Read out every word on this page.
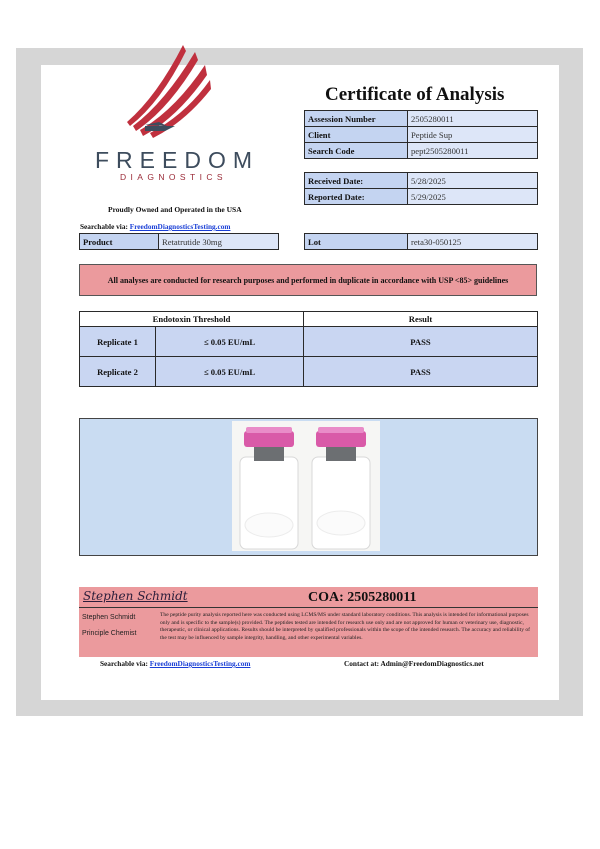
FREEDOM
DIAGNOSTICS
Proudly Owned and Operated in the USA
Searchable via: FreedomDiagnosticsTesting.com
Certificate of Analysis
Assession Number	2505280011
Client	Peptide Sup
Search Code	pept2505280011
Received Date:	5/28/2025
Reported Date:	5/29/2025
Product	Retatrutide 30mg	Lot	reta30-050125
All analyses are conducted for research purposes and performed in duplicate in accordance with USP <85> guidelines
Endotoxin Threshold		Result
Replicate 1	≤ 0.05 EU/mL	PASS
Replicate 2	≤ 0.05 EU/mL	PASS
Stephen Schmidt	COA: 2505280011
Stephen Schmidt
Principle Chemist
The peptide purity analysis reported here was conducted using LCMS/MS under standard laboratory conditions. This analysis is intended for informational purposes only and is specific to the sample(s) provided. The peptides tested are intended for research use only and are not approved for human or veterinary use, diagnostic, therapeutic, or clinical applications. Results should be interpreted by qualified professionals within the scope of the intended research. The accuracy and reliability of the test may be influenced by sample integrity, handling, and other experimental variables.
Searchable via: FreedomDiagnosticsTesting.com	Contact at: Admin@FreedomDiagnostics.net
